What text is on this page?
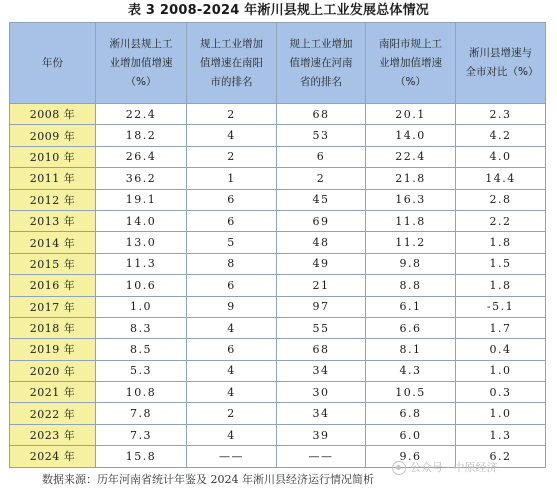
表 3 2008-2024 年淅川县规上工业发展总体情况
年份	淅川县规上工业增加值增速（%）	规上工业增加值增速在南阳市的排名	规上工业增加值增速在河南省的排名	南阳市规上工业增加值增速（%）	淅川县增速与全市对比（%）
2008 年	22.4	2	68	20.1	2.3
2009 年	18.2	4	53	14.0	4.2
2010 年	26.4	2	6	22.4	4.0
2011 年	36.2	1	2	21.8	14.4
2012 年	19.1	6	45	16.3	2.8
2013 年	14.0	6	69	11.8	2.2
2014 年	13.0	5	48	11.2	1.8
2015 年	11.3	8	49	9.8	1.5
2016 年	10.6	6	21	8.8	1.8
2017 年	1.0	9	97	6.1	-5.1
2018 年	8.3	4	55	6.6	1.7
2019 年	8.5	6	68	8.1	0.4
2020 年	5.3	4	34	4.3	1.0
2021 年	10.8	4	30	10.5	0.3
2022 年	7.8	2	34	6.8	1.0
2023 年	7.3	4	39	6.0	1.3
2024 年	15.8	——	——	9.6	6.2
数据来源：历年河南省统计年鉴及 2024 年淅川县经济运行情况简析
公众号 · 中原经济
